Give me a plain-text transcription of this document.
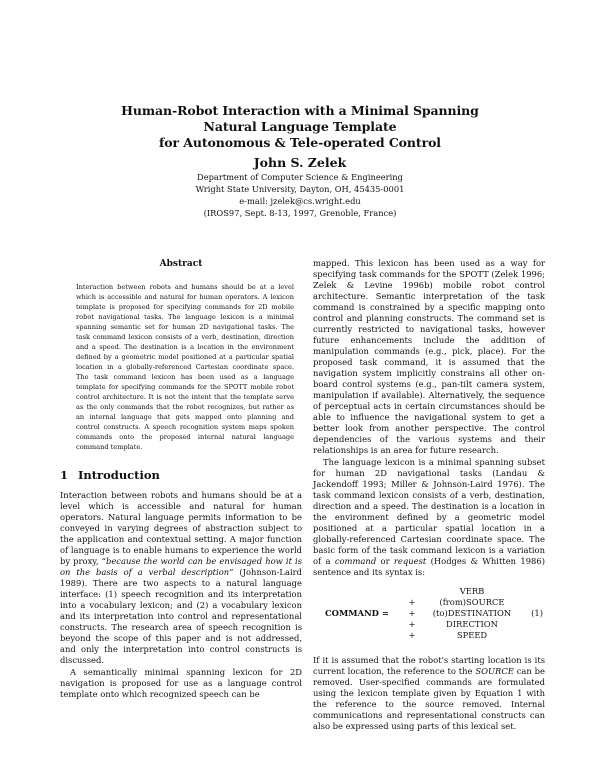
Human-Robot Interaction with a Minimal Spanning
Natural Language Template
for Autonomous & Tele-operated Control
John S. Zelek
Department of Computer Science & Engineering
Wright State University, Dayton, OH, 45435-0001
e-mail: jzelek@cs.wright.edu
(IROS97, Sept. 8-13, 1997, Grenoble, France)
Abstract

Interaction between robots and humans should be at a level which is accessible and natural for human operators. A lexicon template is proposed for specifying commands for 2D mobile robot navigational tasks. The language lexicon is a minimal spanning semantic set for human 2D navigational tasks. The task command lexicon consists of a verb, destination, direction and a speed. The destination is a location in the environment defined by a geometric model positioned at a particular spatial location in a globally-referenced Cartesian coordinate space. The task command lexicon has been used as a language template for specifying commands for the SPOTT mobile robot control architecture. It is not the intent that the template serve as the only commands that the robot recognizes, but rather as an internal language that gets mapped onto planning and control constructs. A speech recognition system maps spoken commands onto the proposed internal natural language command template.

1 Introduction

Interaction between robots and humans should be at a level which is accessible and natural for human operators. Natural language permits information to be conveyed in varying degrees of abstraction subject to the application and contextual setting. A major function of language is to enable humans to experience the world by proxy, “because the world can be envisaged how it is on the basis of a verbal description” (Johnson-Laird 1989). There are two aspects to a natural language interface: (1) speech recognition and its interpretation into a vocabulary lexicon; and (2) a vocabulary lexicon and its interpretation into control and representational constructs. The research area of speech recognition is beyond the scope of this paper and is not addressed, and only the interpretation into control constructs is discussed.

A semantically minimal spanning lexicon for 2D navigation is proposed for use as a language control template onto which recognized speech can be

mapped. This lexicon has been used as a way for specifying task commands for the SPOTT (Zelek 1996; Zelek & Levine 1996b) mobile robot control architecture. Semantic interpretation of the task command is constrained by a specific mapping onto control and planning constructs. The command set is currently restricted to navigational tasks, however future enhancements include the addition of manipulation commands (e.g., pick, place). For the proposed task command, it is assumed that the navigation system implicitly constrains all other on-board control systems (e.g., pan-tilt camera system, manipulation if available). Alternatively, the sequence of perceptual acts in certain circumstances should be able to influence the navigational system to get a better look from another perspective. The control dependencies of the various systems and their relationships is an area for future research.

The language lexicon is a minimal spanning subset for human 2D navigational tasks (Landau & Jackendoff 1993; Miller & Johnson-Laird 1976). The task command lexicon consists of a verb, destination, direction and a speed. The destination is a location in the environment defined by a geometric model positioned at a particular spatial location in a globally-referenced Cartesian coordinate space. The basic form of the task command lexicon is a variation of a command or request (Hodges & Whitten 1986) sentence and its syntax is:

COMMAND =
+
+
+
+
VERB
(from)SOURCE
(to)DESTINATION
DIRECTION
SPEED
(1)

If it is assumed that the robot's starting location is its current location, the reference to the SOURCE can be removed. User-specified commands are formulated using the lexicon template given by Equation 1 with the reference to the source removed. Internal communications and representational constructs can also be expressed using parts of this lexical set.
